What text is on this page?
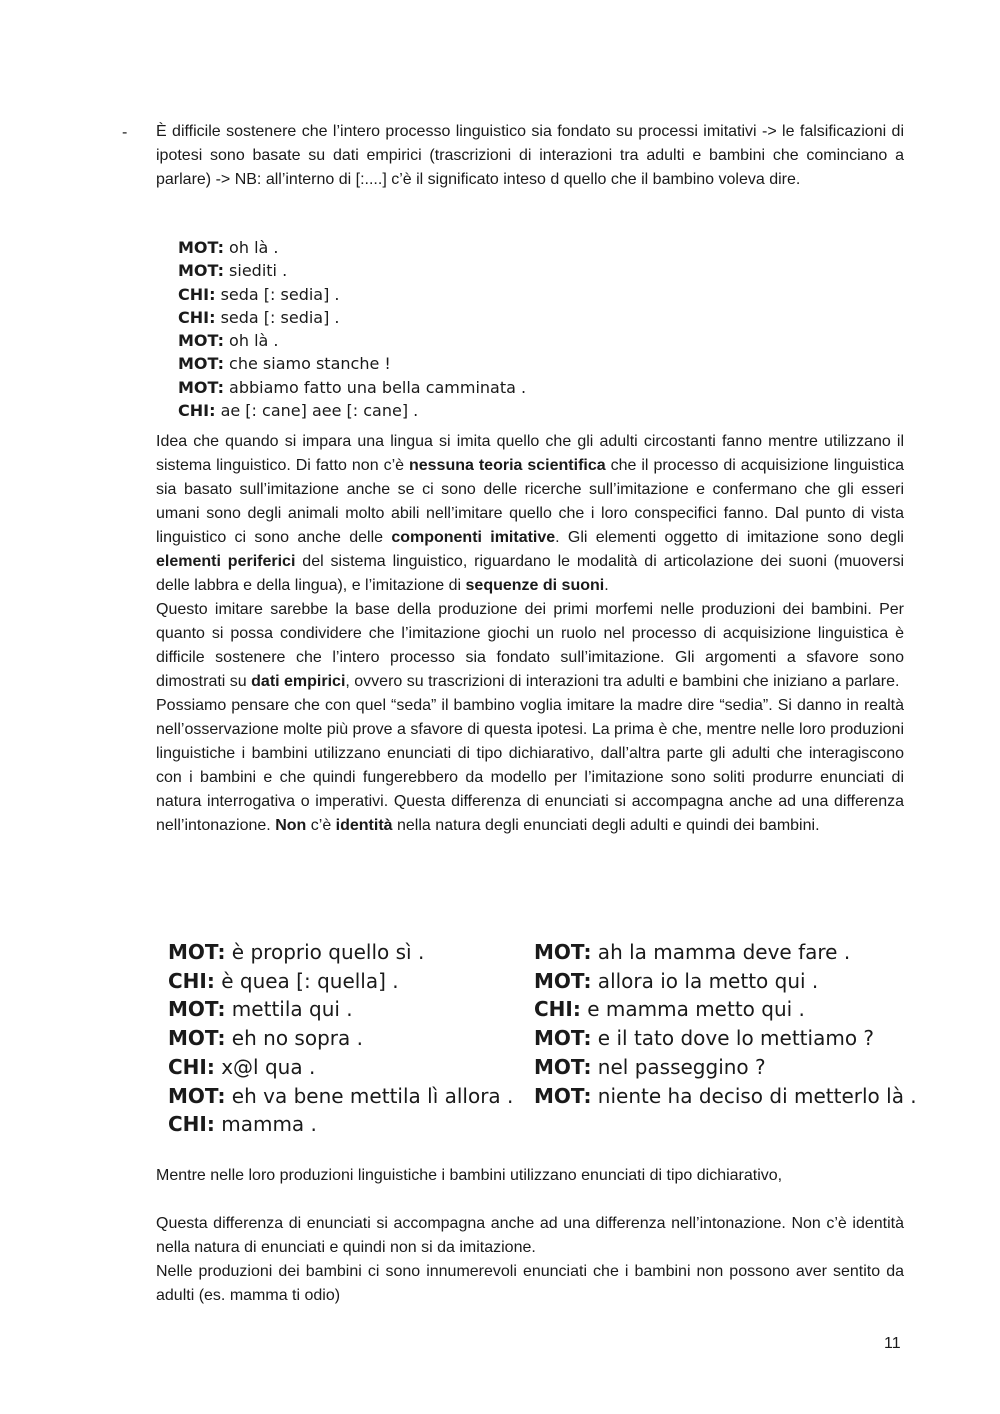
- È difficile sostenere che l’intero processo linguistico sia fondato su processi imitativi -> le falsificazioni di ipotesi sono basate su dati empirici (trascrizioni di interazioni tra adulti e bambini che cominciano a parlare) -> NB: all’interno di [:....] c’è il significato inteso d quello che il bambino voleva dire.

MOT: oh là .
MOT: siediti .
CHI: seda [: sedia] .
CHI: seda [: sedia] .
MOT: oh là .
MOT: che siamo stanche !
MOT: abbiamo fatto una bella camminata .
CHI: ae [: cane] aee [: cane] .

Idea che quando si impara una lingua si imita quello che gli adulti circostanti fanno mentre utilizzano il sistema linguistico. Di fatto non c’è nessuna teoria scientifica che il processo di acquisizione linguistica sia basato sull’imitazione anche se ci sono delle ricerche sull’imitazione e confermano che gli esseri umani sono degli animali molto abili nell’imitare quello che i loro conspecifici fanno. Dal punto di vista linguistico ci sono anche delle componenti imitative. Gli elementi oggetto di imitazione sono degli elementi periferici del sistema linguistico, riguardano le modalità di articolazione dei suoni (muoversi delle labbra e della lingua), e l’imitazione di sequenze di suoni.

Questo imitare sarebbe la base della produzione dei primi morfemi nelle produzioni dei bambini. Per quanto si possa condividere che l’imitazione giochi un ruolo nel processo di acquisizione linguistica è difficile sostenere che l’intero processo sia fondato sull’imitazione. Gli argomenti a sfavore sono dimostrati su dati empirici, ovvero su trascrizioni di interazioni tra adulti e bambini che iniziano a parlare.

Possiamo pensare che con quel “seda” il bambino voglia imitare la madre dire “sedia”. Si danno in realtà nell’osservazione molte più prove a sfavore di questa ipotesi. La prima è che, mentre nelle loro produzioni linguistiche i bambini utilizzano enunciati di tipo dichiarativo, dall’altra parte gli adulti che interagiscono con i bambini e che quindi fungerebbero da modello per l’imitazione sono soliti produrre enunciati di natura interrogativa o imperativi. Questa differenza di enunciati si accompagna anche ad una differenza nell’intonazione. Non c’è identità nella natura degli enunciati degli adulti e quindi dei bambini.

MOT: è proprio quello sì .
CHI: è quea [: quella] .
MOT: mettila qui .
MOT: eh no sopra .
CHI: x@l qua .
MOT: eh va bene mettila lì allora .
CHI: mamma .
MOT: ah la mamma deve fare .
MOT: allora io la metto qui .
CHI: e mamma metto qui .
MOT: e il tato dove lo mettiamo ?
MOT: nel passeggino ?
MOT: niente ha deciso di metterlo là .

Mentre nelle loro produzioni linguistiche i bambini utilizzano enunciati di tipo dichiarativo,

Questa differenza di enunciati si accompagna anche ad una differenza nell’intonazione. Non c’è identità nella natura di enunciati e quindi non si da imitazione.

Nelle produzioni dei bambini ci sono innumerevoli enunciati che i bambini non possono aver sentito da adulti (es. mamma ti odio)

11
